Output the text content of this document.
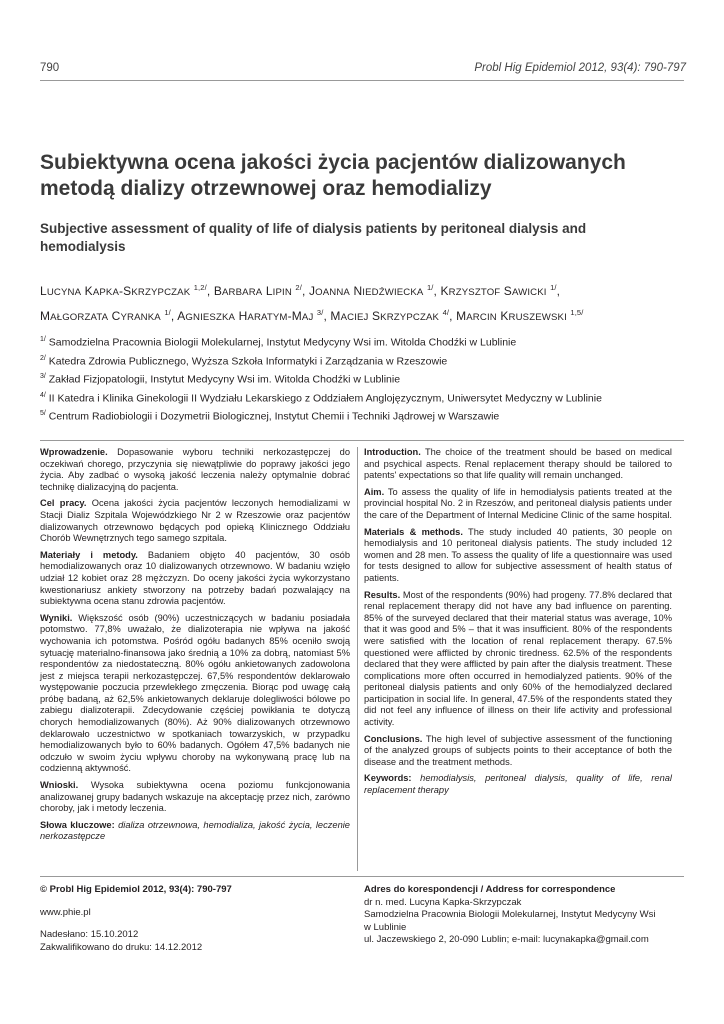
790	Probl Hig Epidemiol 2012, 93(4): 790-797
Subiektywna ocena jakości życia pacjentów dializowanych metodą dializy otrzewnowej oraz hemodializy
Subjective assessment of quality of life of dialysis patients by peritoneal dialysis and hemodialysis
LUCYNA KAPKA-SKRZYPCZAK $^{1,2/}$, BARBARA LIPIN $^{2/}$, JOANNA NIEDŹWIECKA $^{1/}$, KRZYSZTOF SAWICKI $^{1/}$,
MAŁGORZATA CYRANKA $^{1/}$, AGNIESZKA HARATYM-MAJ $^{3/}$, MACIEJ SKRZYPCZAK $^{4/}$, MARCIN KRUSZEWSKI $^{1,5/}$
$^{1/}$ Samodzielna Pracownia Biologii Molekularnej, Instytut Medycyny Wsi im. Witolda Chodźki w Lublinie
$^{2/}$ Katedra Zdrowia Publicznego, Wyższa Szkoła Informatyki i Zarządzania w Rzeszowie
$^{3/}$ Zakład Fizjopatologii, Instytut Medycyny Wsi im. Witolda Chodźki w Lublinie
$^{4/}$ II Katedra i Klinika Ginekologii II Wydziału Lekarskiego z Oddziałem Anglojęzycznym, Uniwersytet Medyczny w Lublinie
$^{5/}$ Centrum Radiobiologii i Dozymetrii Biologicznej, Instytut Chemii i Techniki Jądrowej w Warszawie

Wprowadzenie. Dopasowanie wyboru techniki nerkozastępczej do oczekiwań chorego, przyczynia się niewątpliwie do poprawy jakości jego życia. Aby zadbać o wysoką jakość leczenia należy optymalnie dobrać technikę dializacyjną do pacjenta.

Cel pracy. Ocena jakości życia pacjentów leczonych hemodializami w Stacji Dializ Szpitala Wojewódzkiego Nr 2 w Rzeszowie oraz pacjentów dializowanych otrzewnowo będących pod opieką Klinicznego Oddziału Chorób Wewnętrznych tego samego szpitala.

Materiały i metody. Badaniem objęto 40 pacjentów, 30 osób hemodializowanych oraz 10 dializowanych otrzewnowo. W badaniu wzięło udział 12 kobiet oraz 28 mężczyzn. Do oceny jakości życia wykorzystano kwestionariusz ankiety stworzony na potrzeby badań pozwalający na subiektywna ocena stanu zdrowia pacjentów.

Wyniki. Większość osób (90%) uczestniczących w badaniu posiadała potomstwo. 77,8% uważało, że dializoterapia nie wpływa na jakość wychowania ich potomstwa. Pośród ogółu badanych 85% oceniło swoją sytuację materialno-finansowa jako średnią a 10% za dobrą, natomiast 5% respondentów za niedostateczną. 80% ogółu ankietowanych zadowolona jest z miejsca terapii nerkozastępczej. 67,5% respondentów deklarowało występowanie poczucia przewlekłego zmęczenia. Biorąc pod uwagę całą próbę badaną, aż 62,5% ankietowanych deklaruje dolegliwości bólowe po zabiegu dializoterapii. Zdecydowanie częściej powikłania te dotyczą chorych hemodializowanych (80%). Aż 90% dializowanych otrzewnowo deklarowało uczestnictwo w spotkaniach towarzyskich, w przypadku hemodializowanych było to 60% badanych. Ogółem 47,5% badanych nie odczuło w swoim życiu wpływu choroby na wykonywaną pracę lub na codzienną aktywność.

Wnioski. Wysoka subiektywna ocena poziomu funkcjonowania analizowanej grupy badanych wskazuje na akceptację przez nich, zarówno choroby, jak i metody leczenia.

Słowa kluczowe: dializa otrzewnowa, hemodializa, jakość życia, leczenie nerkozastępcze

Introduction. The choice of the treatment should be based on medical and psychical aspects. Renal replacement therapy should be tailored to patents' expectations so that life quality will remain unchanged.

Aim. To assess the quality of life in hemodialysis patients treated at the provincial hospital No. 2 in Rzeszów, and peritoneal dialysis patients under the care of the Department of Internal Medicine Clinic of the same hospital.

Materials & methods. The study included 40 patients, 30 people on hemodialysis and 10 peritoneal dialysis patients. The study included 12 women and 28 men. To assess the quality of life a questionnaire was used for tests designed to allow for subjective assessment of health status of patients.

Results. Most of the respondents (90%) had progeny. 77.8% declared that renal replacement therapy did not have any bad influence on parenting. 85% of the surveyed declared that their material status was average, 10% that it was good and 5% – that it was insufficient. 80% of the respondents were satisfied with the location of renal replacement therapy. 67.5% questioned were afflicted by chronic tiredness. 62.5% of the respondents declared that they were afflicted by pain after the dialysis treatment. These complications more often occurred in hemodialyzed patients. 90% of the peritoneal dialysis patients and only 60% of the hemodialyzed declared participation in social life. In general, 47.5% of the respondents stated they did not feel any influence of illness on their life activity and professional activity.

Conclusions. The high level of subjective assessment of the functioning of the analyzed groups of subjects points to their acceptance of both the disease and the treatment methods.

Keywords: hemodialysis, peritoneal dialysis, quality of life, renal replacement therapy

© Probl Hig Epidemiol 2012, 93(4): 790-797
www.phie.pl
Nadesłano: 15.10.2012
Zakwalifikowano do druku: 14.12.2012
Adres do korespondencji / Address for correspondence
dr n. med. Lucyna Kapka-Skrzypczak
Samodzielna Pracownia Biologii Molekularnej, Instytut Medycyny Wsi
w Lublinie
ul. Jaczewskiego 2, 20-090 Lublin; e-mail: lucynakapka@gmail.com
